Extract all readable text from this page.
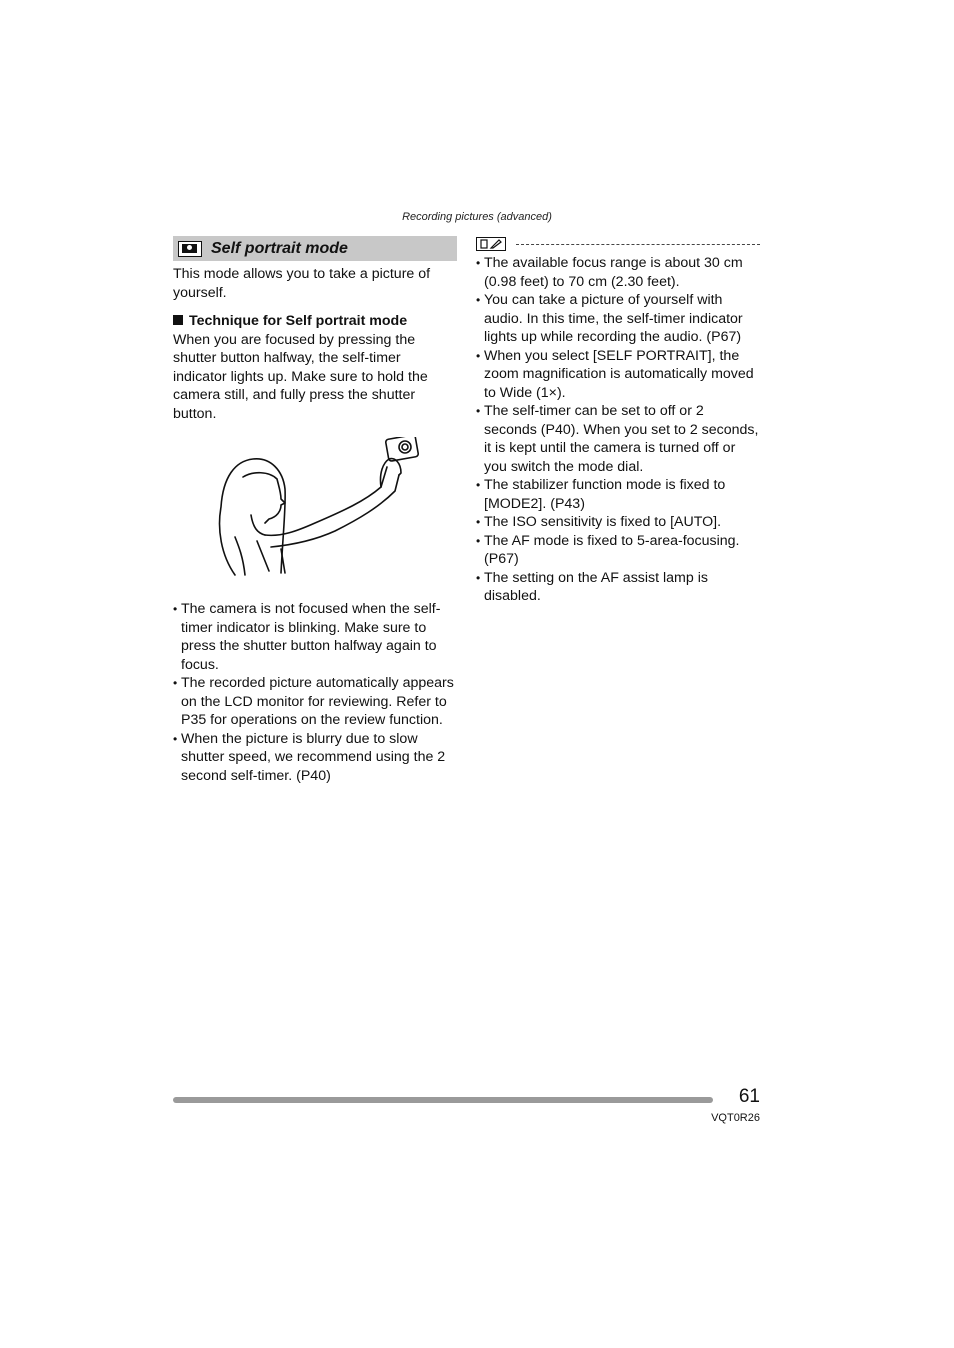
Recording pictures (advanced)
Self portrait mode

This mode allows you to take a picture of yourself.

Technique for Self portrait mode

When you are focused by pressing the shutter button halfway, the self-timer indicator lights up. Make sure to hold the camera still, and fully press the shutter button.

• The camera is not focused when the self-timer indicator is blinking. Make sure to press the shutter button halfway again to focus.
• The recorded picture automatically appears on the LCD monitor for reviewing. Refer to P35 for operations on the review function.
• When the picture is blurry due to slow shutter speed, we recommend using the 2 second self-timer. (P40)
• The available focus range is about 30 cm (0.98 feet) to 70 cm (2.30 feet).
• You can take a picture of yourself with audio. In this time, the self-timer indicator lights up while recording the audio. (P67)
• When you select [SELF PORTRAIT], the zoom magnification is automatically moved to Wide (1×).
• The self-timer can be set to off or 2 seconds (P40). When you set to 2 seconds, it is kept until the camera is turned off or you switch the mode dial.
• The stabilizer function mode is fixed to [MODE2]. (P43)
• The ISO sensitivity is fixed to [AUTO].
• The AF mode is fixed to 5-area-focusing. (P67)
• The setting on the AF assist lamp is disabled.
61
VQT0R26
